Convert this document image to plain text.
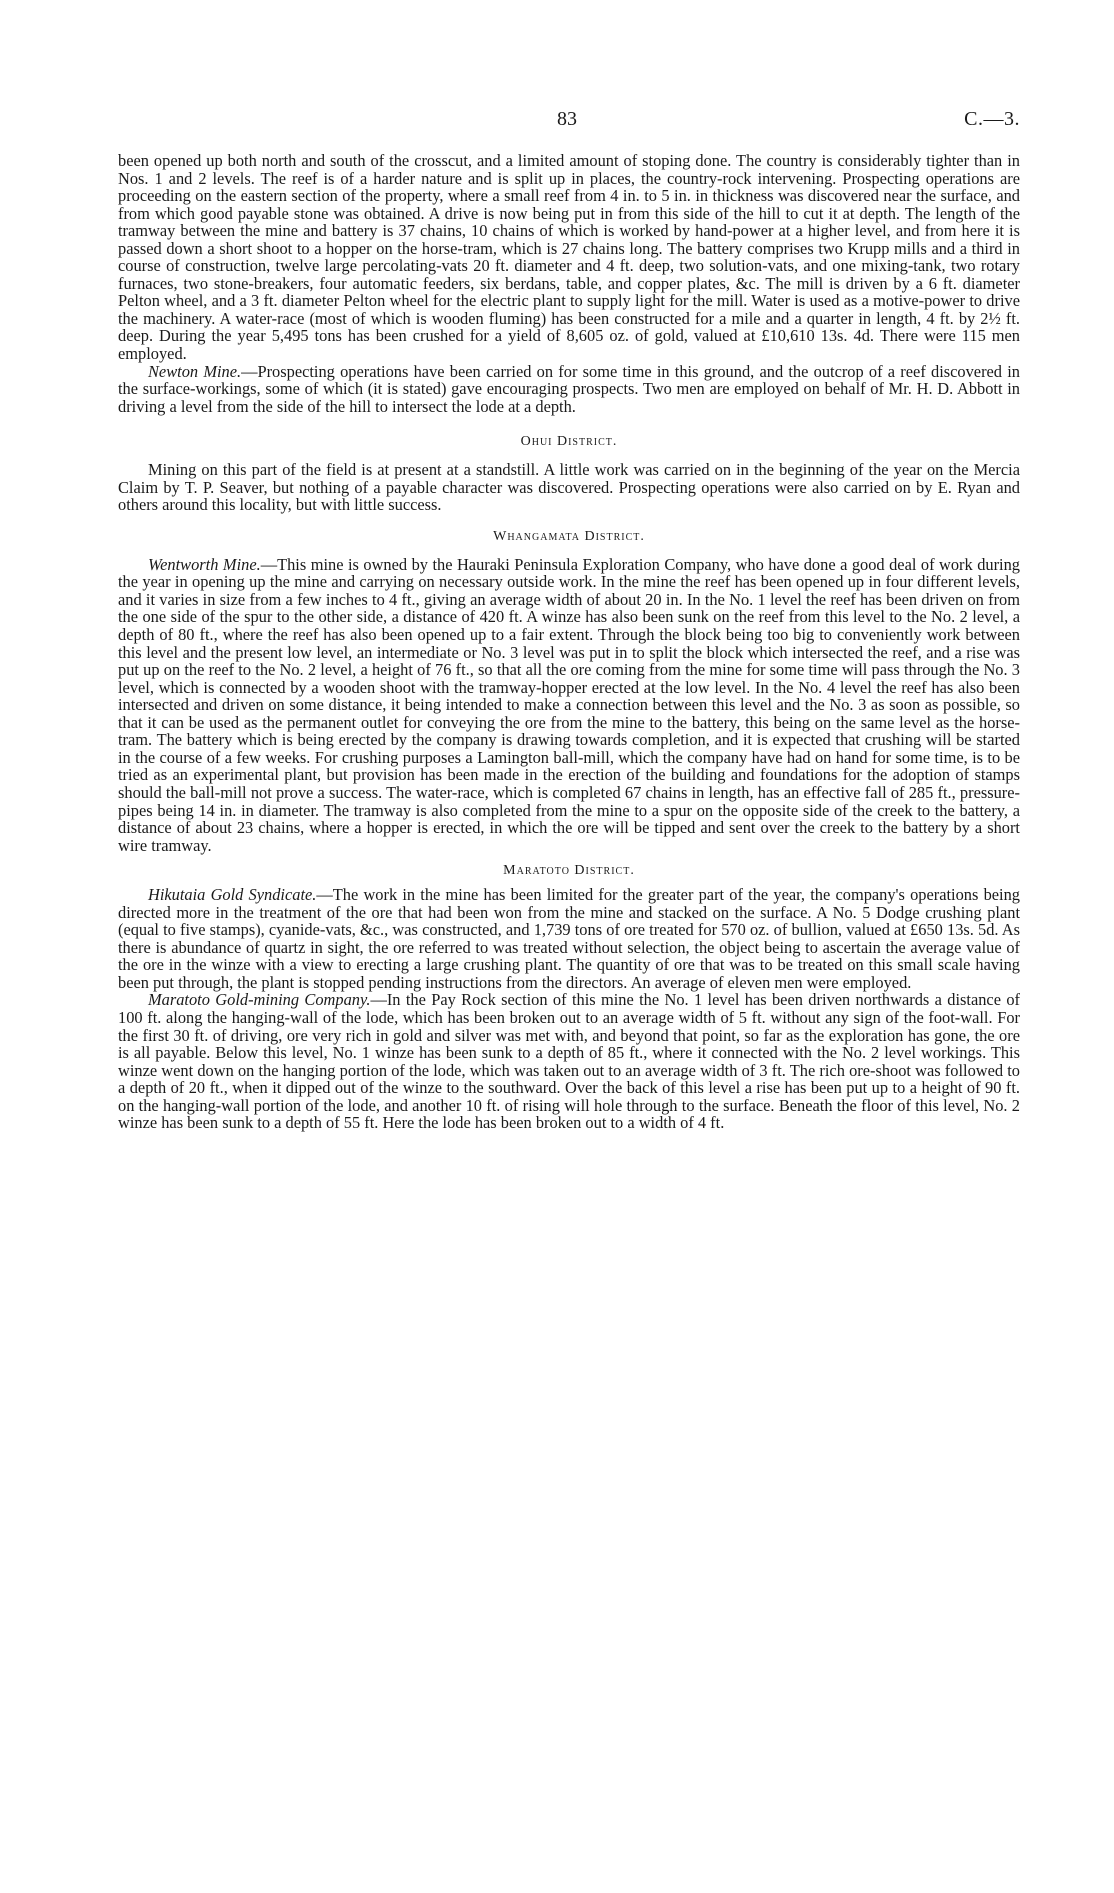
83	C.—3.

been opened up both north and south of the crosscut, and a limited amount of stoping done. The country is considerably tighter than in Nos. 1 and 2 levels. The reef is of a harder nature and is split up in places, the country-rock intervening. Prospecting operations are proceeding on the eastern section of the property, where a small reef from 4 in. to 5 in. in thickness was discovered near the surface, and from which good payable stone was obtained. A drive is now being put in from this side of the hill to cut it at depth. The length of the tramway between the mine and battery is 37 chains, 10 chains of which is worked by hand-power at a higher level, and from here it is passed down a short shoot to a hopper on the horse-tram, which is 27 chains long. The battery comprises two Krupp mills and a third in course of construction, twelve large percolating-vats 20 ft. diameter and 4 ft. deep, two solution-vats, and one mixing-tank, two rotary furnaces, two stone-breakers, four automatic feeders, six berdans, table, and copper plates, &c. The mill is driven by a 6 ft. diameter Pelton wheel, and a 3 ft. diameter Pelton wheel for the electric plant to supply light for the mill. Water is used as a motive-power to drive the machinery. A water-race (most of which is wooden fluming) has been constructed for a mile and a quarter in length, 4 ft. by 2½ ft. deep. During the year 5,495 tons has been crushed for a yield of 8,605 oz. of gold, valued at £10,610 13s. 4d. There were 115 men employed.

Newton Mine.—Prospecting operations have been carried on for some time in this ground, and the outcrop of a reef discovered in the surface-workings, some of which (it is stated) gave encouraging prospects. Two men are employed on behalf of Mr. H. D. Abbott in driving a level from the side of the hill to intersect the lode at a depth.

Ohui District.

Mining on this part of the field is at present at a standstill. A little work was carried on in the beginning of the year on the Mercia Claim by T. P. Seaver, but nothing of a payable character was discovered. Prospecting operations were also carried on by E. Ryan and others around this locality, but with little success.

Whangamata District.

Wentworth Mine.—This mine is owned by the Hauraki Peninsula Exploration Company, who have done a good deal of work during the year in opening up the mine and carrying on necessary outside work. In the mine the reef has been opened up in four different levels, and it varies in size from a few inches to 4 ft., giving an average width of about 20 in. In the No. 1 level the reef has been driven on from the one side of the spur to the other side, a distance of 420 ft. A winze has also been sunk on the reef from this level to the No. 2 level, a depth of 80 ft., where the reef has also been opened up to a fair extent. Through the block being too big to conveniently work between this level and the present low level, an intermediate or No. 3 level was put in to split the block which intersected the reef, and a rise was put up on the reef to the No. 2 level, a height of 76 ft., so that all the ore coming from the mine for some time will pass through the No. 3 level, which is connected by a wooden shoot with the tramway-hopper erected at the low level. In the No. 4 level the reef has also been intersected and driven on some distance, it being intended to make a connection between this level and the No. 3 as soon as possible, so that it can be used as the permanent outlet for conveying the ore from the mine to the battery, this being on the same level as the horse-tram. The battery which is being erected by the company is drawing towards completion, and it is expected that crushing will be started in the course of a few weeks. For crushing purposes a Lamington ball-mill, which the company have had on hand for some time, is to be tried as an experimental plant, but provision has been made in the erection of the building and foundations for the adoption of stamps should the ball-mill not prove a success. The water-race, which is completed 67 chains in length, has an effective fall of 285 ft., pressure-pipes being 14 in. in diameter. The tramway is also completed from the mine to a spur on the opposite side of the creek to the battery, a distance of about 23 chains, where a hopper is erected, in which the ore will be tipped and sent over the creek to the battery by a short wire tramway.

Maratoto District.

Hikutaia Gold Syndicate.—The work in the mine has been limited for the greater part of the year, the company's operations being directed more in the treatment of the ore that had been won from the mine and stacked on the surface. A No. 5 Dodge crushing plant (equal to five stamps), cyanide-vats, &c., was constructed, and 1,739 tons of ore treated for 570 oz. of bullion, valued at £650 13s. 5d. As there is abundance of quartz in sight, the ore referred to was treated without selection, the object being to ascertain the average value of the ore in the winze with a view to erecting a large crushing plant. The quantity of ore that was to be treated on this small scale having been put through, the plant is stopped pending instructions from the directors. An average of eleven men were employed.

Maratoto Gold-mining Company.—In the Pay Rock section of this mine the No. 1 level has been driven northwards a distance of 100 ft. along the hanging-wall of the lode, which has been broken out to an average width of 5 ft. without any sign of the foot-wall. For the first 30 ft. of driving, ore very rich in gold and silver was met with, and beyond that point, so far as the exploration has gone, the ore is all payable. Below this level, No. 1 winze has been sunk to a depth of 85 ft., where it connected with the No. 2 level workings. This winze went down on the hanging portion of the lode, which was taken out to an average width of 3 ft. The rich ore-shoot was followed to a depth of 20 ft., when it dipped out of the winze to the southward. Over the back of this level a rise has been put up to a height of 90 ft. on the hanging-wall portion of the lode, and another 10 ft. of rising will hole through to the surface. Beneath the floor of this level, No. 2 winze has been sunk to a depth of 55 ft. Here the lode has been broken out to a width of 4 ft.
